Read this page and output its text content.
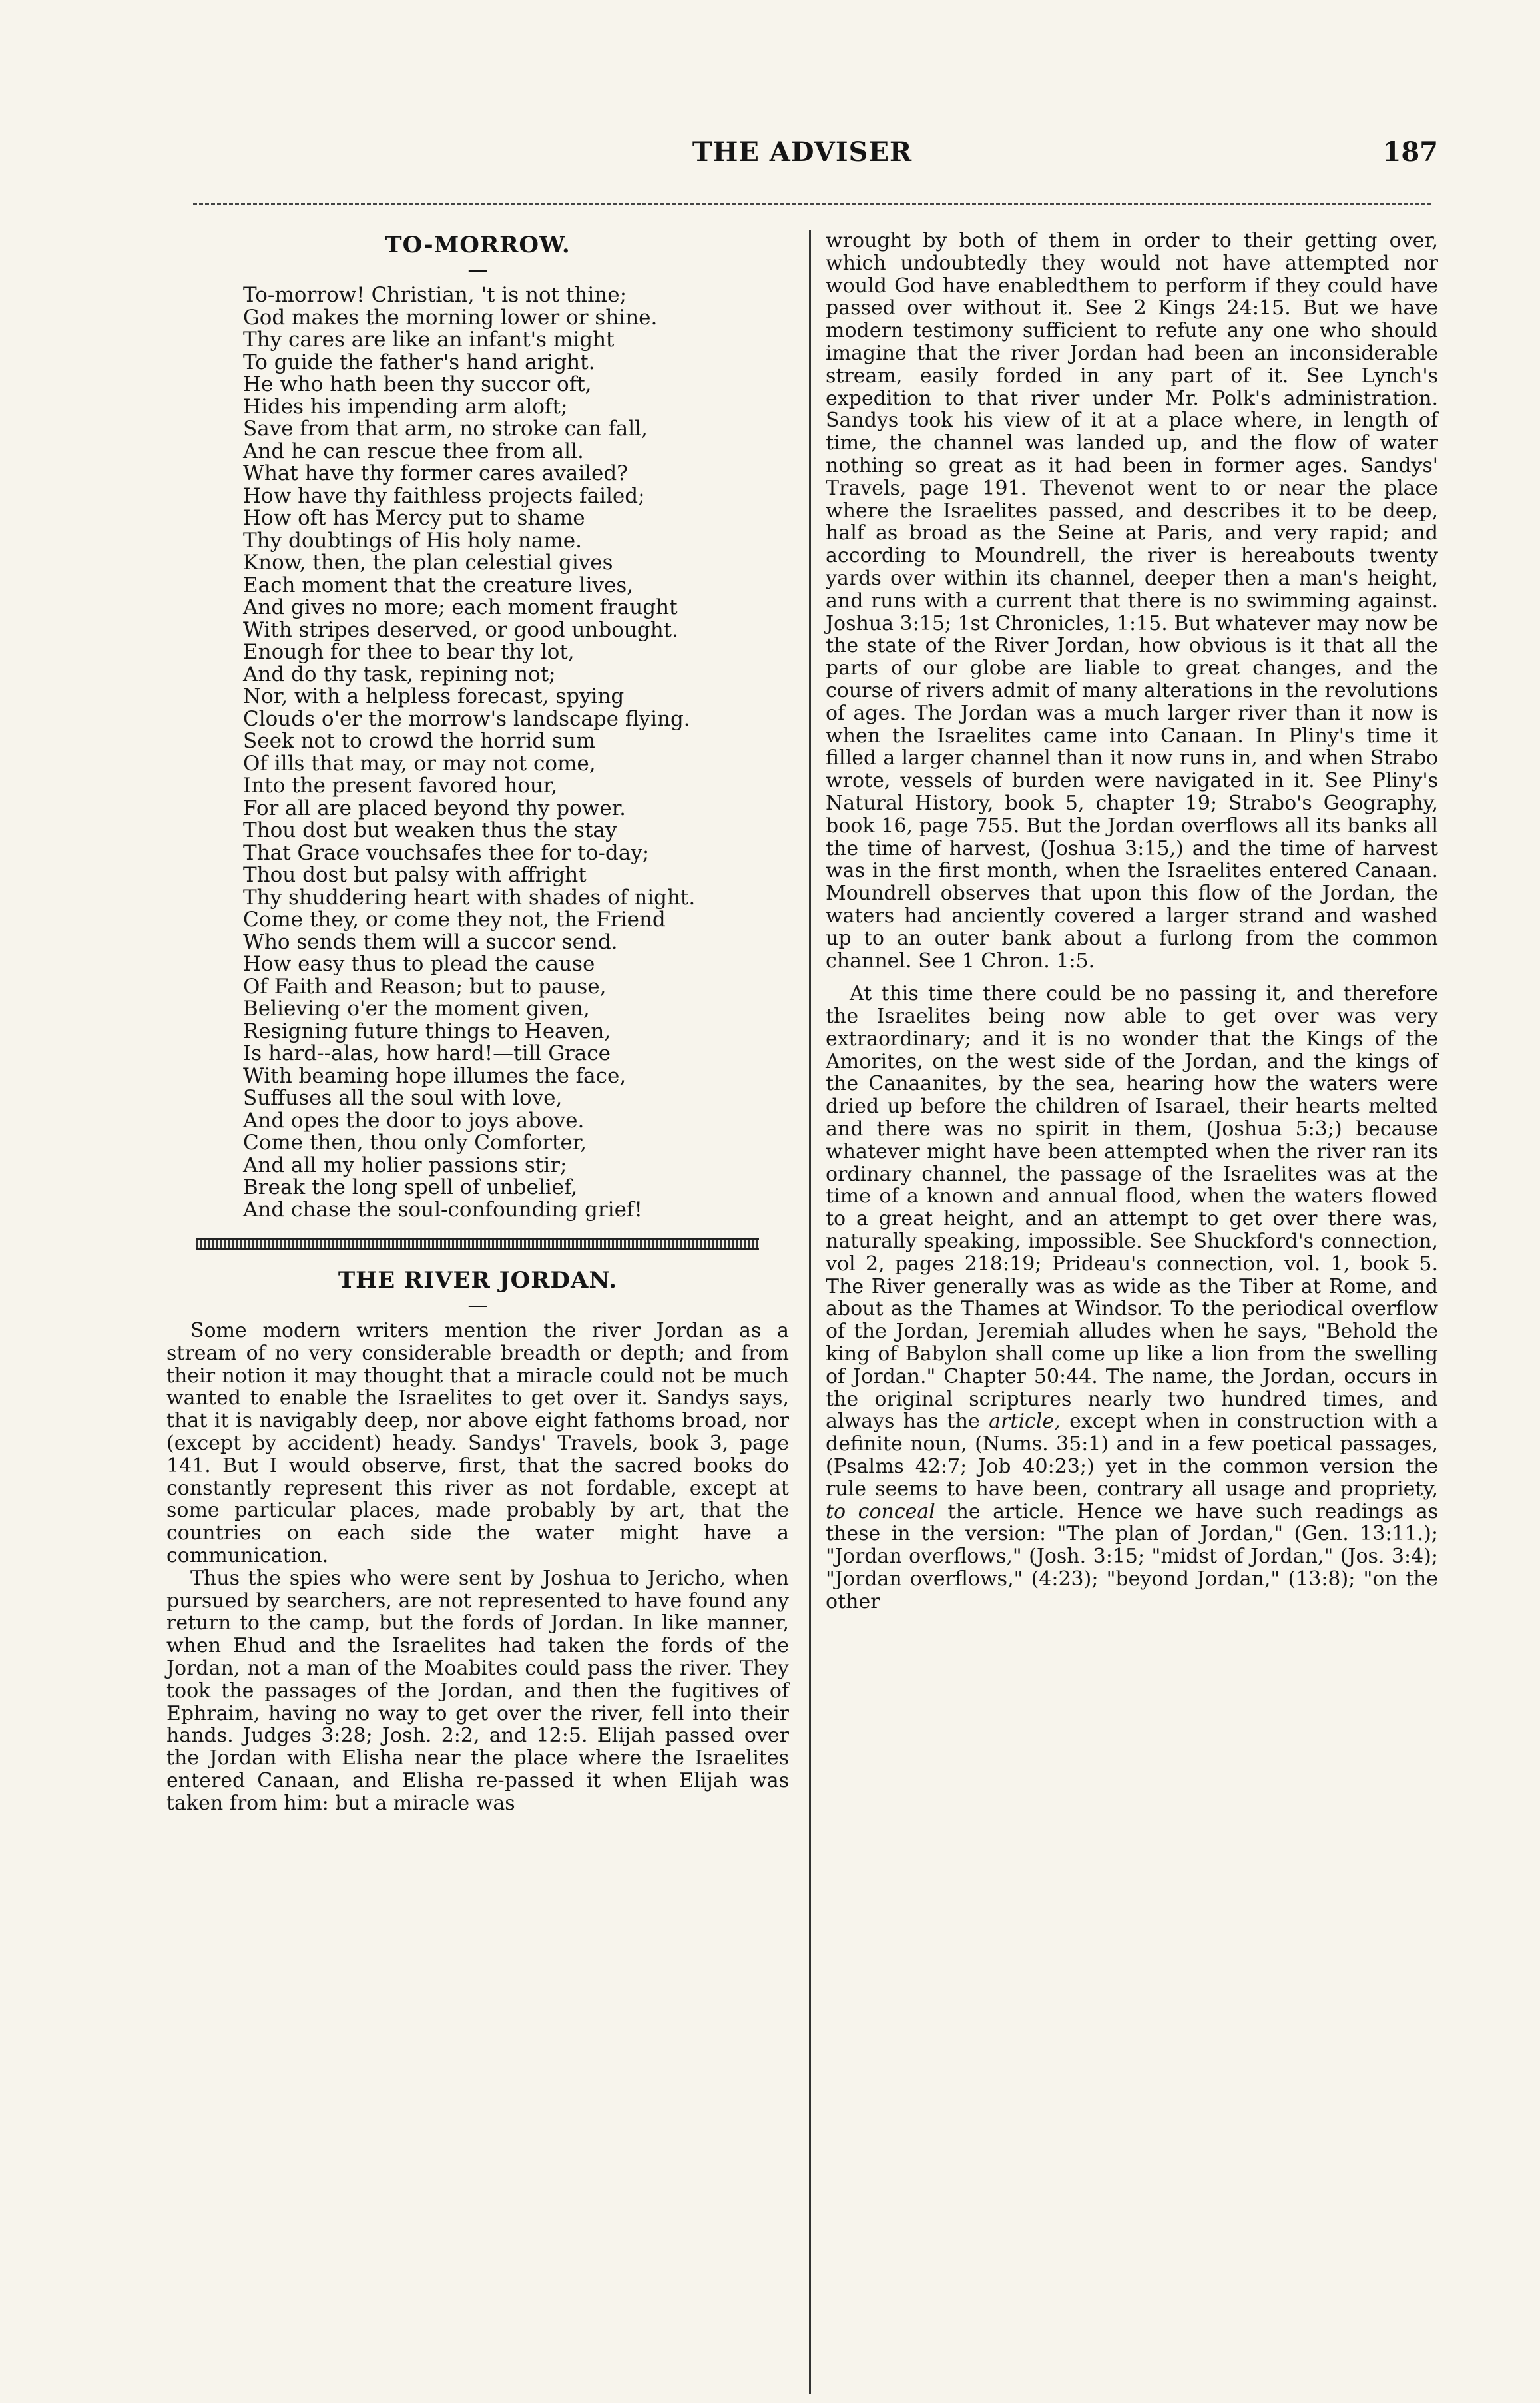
THE ADVISER	187
TO-MORROW.
—
To-morrow! Christian, 't is not thine;
God makes the morning lower or shine.
Thy cares are like an infant's might
To guide the father's hand aright.
He who hath been thy succor oft,
Hides his impending arm aloft;
Save from that arm, no stroke can fall,
And he can rescue thee from all.
What have thy former cares availed?
How have thy faithless projects failed;
How oft has Mercy put to shame
Thy doubtings of His holy name.
Know, then, the plan celestial gives
Each moment that the creature lives,
And gives no more; each moment fraught
With stripes deserved, or good unbought.
Enough for thee to bear thy lot,
And do thy task, repining not;
Nor, with a helpless forecast, spying
Clouds o'er the morrow's landscape flying.
Seek not to crowd the horrid sum
Of ills that may, or may not come,
Into the present favored hour,
For all are placed beyond thy power.
Thou dost but weaken thus the stay
That Grace vouchsafes thee for to-day;
Thou dost but palsy with affright
Thy shuddering heart with shades of night.
Come they, or come they not, the Friend
Who sends them will a succor send.
How easy thus to plead the cause
Of Faith and Reason; but to pause,
Believing o'er the moment given,
Resigning future things to Heaven,
Is hard--alas, how hard!—till Grace
With beaming hope illumes the face,
Suffuses all the soul with love,
And opes the door to joys above.
Come then, thou only Comforter,
And all my holier passions stir;
Break the long spell of unbelief,
And chase the soul-confounding grief!
THE RIVER JORDAN.
—

Some modern writers mention the river Jordan as a stream of no very considerable breadth or depth; and from their notion it may thought that a miracle could not be much wanted to enable the Israelites to get over it. Sandys says, that it is navigably deep, nor above eight fathoms broad, nor (except by accident) heady. Sandys' Travels, book 3, page 141. But I would observe, first, that the sacred books do constantly represent this river as not fordable, except at some particular places, made probably by art, that the countries on each side the water might have a communication.

Thus the spies who were sent by Joshua to Jericho, when pursued by searchers, are not represented to have found any return to the camp, but the fords of Jordan. In like manner, when Ehud and the Israelites had taken the fords of the Jordan, not a man of the Moabites could pass the river. They took the passages of the Jordan, and then the fugitives of Ephraim, having no way to get over the river, fell into their hands. Judges 3:28; Josh. 2:2, and 12:5. Elijah passed over the Jordan with Elisha near the place where the Israelites entered Canaan, and Elisha re-passed it when Elijah was taken from him: but a miracle was

wrought by both of them in order to their getting over, which undoubtedly they would not have attempted nor would God have enabledthem to perform if they could have passed over without it. See 2 Kings 24:15. But we have modern testimony sufficient to refute any one who should imagine that the river Jordan had been an inconsiderable stream, easily forded in any part of it. See Lynch's expedition to that river under Mr. Polk's administration. Sandys took his view of it at a place where, in length of time, the channel was landed up, and the flow of water nothing so great as it had been in former ages. Sandys' Travels, page 191. Thevenot went to or near the place where the Israelites passed, and describes it to be deep, half as broad as the Seine at Paris, and very rapid; and according to Moundrell, the river is hereabouts twenty yards over within its channel, deeper then a man's height, and runs with a current that there is no swimming against. Joshua 3:15; 1st Chronicles, 1:15. But whatever may now be the state of the River Jordan, how obvious is it that all the parts of our globe are liable to great changes, and the course of rivers admit of many alterations in the revolutions of ages. The Jordan was a much larger river than it now is when the Israelites came into Canaan. In Pliny's time it filled a larger channel than it now runs in, and when Strabo wrote, vessels of burden were navigated in it. See Pliny's Natural History, book 5, chapter 19; Strabo's Geography, book 16, page 755. But the Jordan overflows all its banks all the time of harvest, (Joshua 3:15,) and the time of harvest was in the first month, when the Israelites entered Canaan. Moundrell observes that upon this flow of the Jordan, the waters had anciently covered a larger strand and washed up to an outer bank about a furlong from the common channel. See 1 Chron. 1:5.

At this time there could be no passing it, and therefore the Israelites being now able to get over was very extraordinary; and it is no wonder that the Kings of the Amorites, on the west side of the Jordan, and the kings of the Canaanites, by the sea, hearing how the waters were dried up before the children of Isarael, their hearts melted and there was no spirit in them, (Joshua 5:3;) because whatever might have been attempted when the river ran its ordinary channel, the passage of the Israelites was at the time of a known and annual flood, when the waters flowed to a great height, and an attempt to get over there was, naturally speaking, impossible. See Shuckford's connection, vol 2, pages 218:19; Prideau's connection, vol. 1, book 5. The River generally was as wide as the Tiber at Rome, and about as the Thames at Windsor. To the periodical overflow of the Jordan, Jeremiah alludes when he says, "Behold the king of Babylon shall come up like a lion from the swelling of Jordan." Chapter 50:44. The name, the Jordan, occurs in the original scriptures nearly two hundred times, and always has the article, except when in construction with a definite noun, (Nums. 35:1) and in a few poetical passages, (Psalms 42:7; Job 40:23;) yet in the common version the rule seems to have been, contrary all usage and propriety, to conceal the article. Hence we have such readings as these in the version: "The plan of Jordan," (Gen. 13:11.); "Jordan overflows," (Josh. 3:15; "midst of Jordan," (Jos. 3:4); "Jordan overflows," (4:23); "beyond Jordan," (13:8); "on the other
